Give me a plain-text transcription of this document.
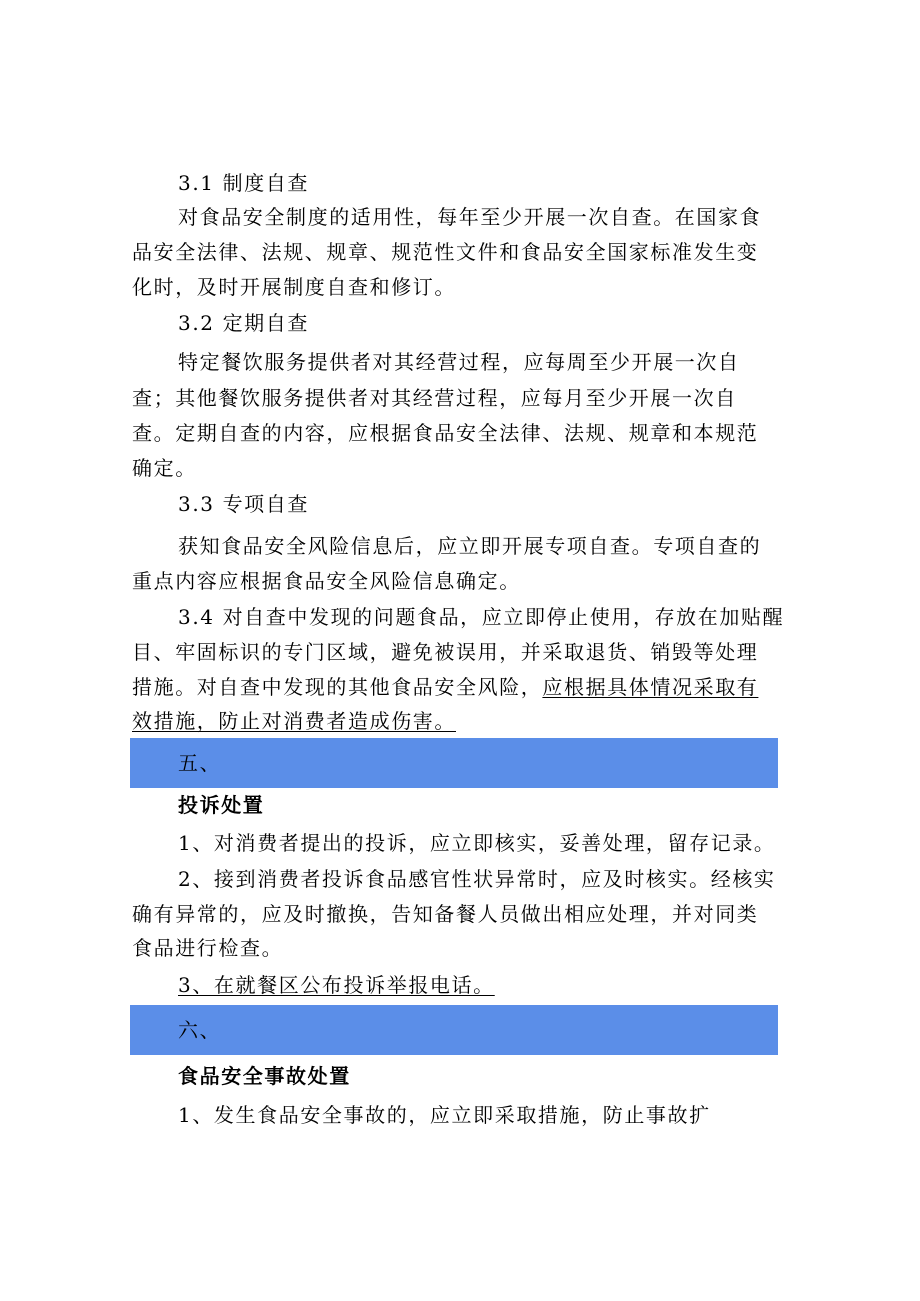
3.1 制度自查
对食品安全制度的适用性，每年至少开展一次自查。在国家食
品安全法律、法规、规章、规范性文件和食品安全国家标准发生变
化时，及时开展制度自查和修订。
3.2 定期自查
特定餐饮服务提供者对其经营过程，应每周至少开展一次自
查；其他餐饮服务提供者对其经营过程，应每月至少开展一次自
查。定期自查的内容，应根据食品安全法律、法规、规章和本规范
确定。
3.3 专项自查
获知食品安全风险信息后，应立即开展专项自查。专项自查的
重点内容应根据食品安全风险信息确定。
3.4 对自查中发现的问题食品，应立即停止使用，存放在加贴醒
目、牢固标识的专门区域，避免被误用，并采取退货、销毁等处理
措施。对自查中发现的其他食品安全风险，应根据具体情况采取有
效措施，防止对消费者造成伤害。
五、
投诉处置
1、对消费者提出的投诉，应立即核实，妥善处理，留存记录。
2、接到消费者投诉食品感官性状异常时，应及时核实。经核实
确有异常的，应及时撤换，告知备餐人员做出相应处理，并对同类
食品进行检查。
3、在就餐区公布投诉举报电话。
六、
食品安全事故处置
1、发生食品安全事故的，应立即采取措施，防止事故扩
